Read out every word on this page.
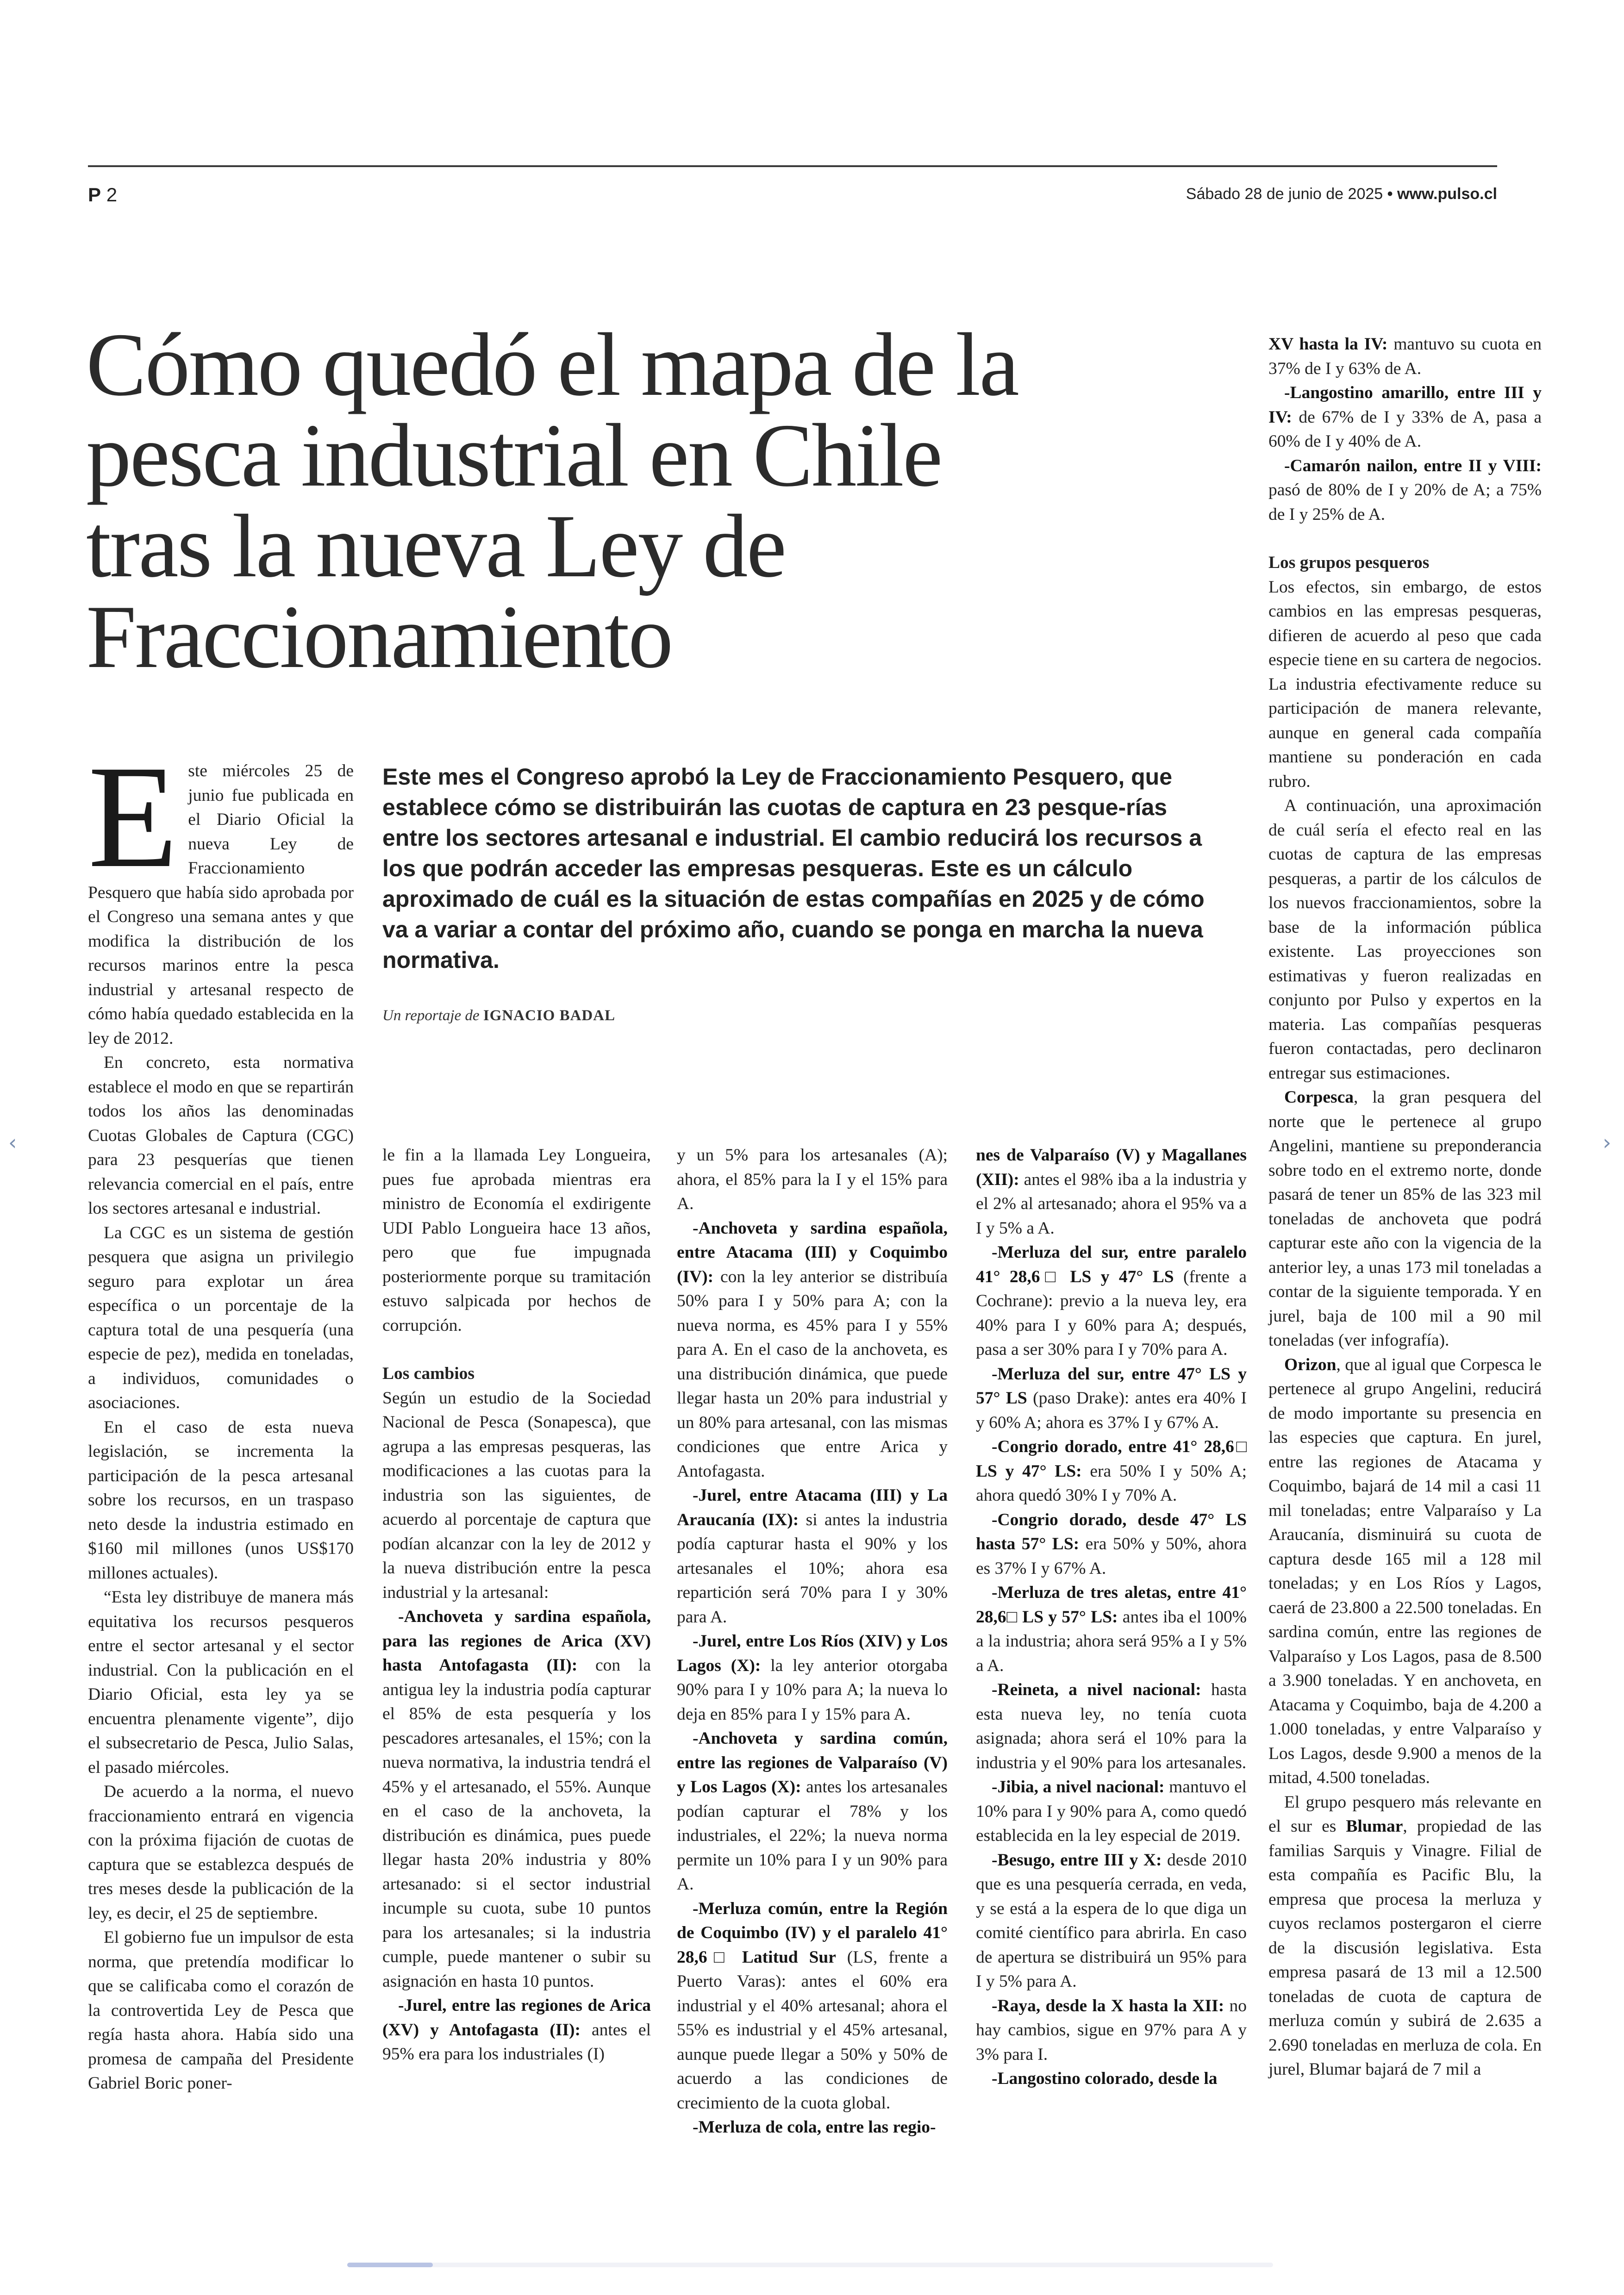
P 2	Sábado 28 de junio de 2025 • www.pulso.cl
Cómo quedó el mapa de la pesca industrial en Chile tras la nueva Ley de Fraccionamiento

Este mes el Congreso aprobó la Ley de Fraccionamiento Pesquero, que establece cómo se distribuirán las cuotas de captura en 23 pesque-rías entre los sectores artesanal e industrial. El cambio reducirá los recursos a los que podrán acceder las empresas pesqueras. Este es un cálculo aproximado de cuál es la situación de estas compañías en 2025 y de cómo va a variar a contar del próximo año, cuando se ponga en marcha la nueva normativa.

Un reportaje de IGNACIO BADAL

Este miércoles 25 de junio fue publicada en el Diario Oficial la nueva Ley de Fraccionamiento Pesquero que había sido aprobada por el Congreso una semana antes y que modifica la distribución de los recursos marinos entre la pesca industrial y artesanal respecto de cómo había quedado establecida en la ley de 2012.

En concreto, esta normativa establece el modo en que se repartirán todos los años las denominadas Cuotas Globales de Captura (CGC) para 23 pesquerías que tienen relevancia comercial en el país, entre los sectores artesanal e industrial.

La CGC es un sistema de gestión pesquera que asigna un privilegio seguro para explotar un área específica o un porcentaje de la captura total de una pesquería (una especie de pez), medida en toneladas, a individuos, comunidades o asociaciones.

En el caso de esta nueva legislación, se incrementa la participación de la pesca artesanal sobre los recursos, en un traspaso neto desde la industria estimado en $160 mil millones (unos US$170 millones actuales).

“Esta ley distribuye de manera más equitativa los recursos pesqueros entre el sector artesanal y el sector industrial. Con la publicación en el Diario Oficial, esta ley ya se encuentra plenamente vigente”, dijo el subsecretario de Pesca, Julio Salas, el pasado miércoles.

De acuerdo a la norma, el nuevo fraccionamiento entrará en vigencia con la próxima fijación de cuotas de captura que se establezca después de tres meses desde la publicación de la ley, es decir, el 25 de septiembre.

El gobierno fue un impulsor de esta norma, que pretendía modificar lo que se calificaba como el corazón de la controvertida Ley de Pesca que regía hasta ahora. Había sido una promesa de campaña del Presidente Gabriel Boric poner-

le fin a la llamada Ley Longueira, pues fue aprobada mientras era ministro de Economía el exdirigente UDI Pablo Longueira hace 13 años, pero que fue impugnada posteriormente porque su tramitación estuvo salpicada por hechos de corrupción.

Los cambios

Según un estudio de la Sociedad Nacional de Pesca (Sonapesca), que agrupa a las empresas pesqueras, las modificaciones a las cuotas para la industria son las siguientes, de acuerdo al porcentaje de captura que podían alcanzar con la ley de 2012 y la nueva distribución entre la pesca industrial y la artesanal:

-Anchoveta y sardina española, para las regiones de Arica (XV) hasta Antofagasta (II): con la antigua ley la industria podía capturar el 85% de esta pesquería y los pescadores artesanales, el 15%; con la nueva normativa, la industria tendrá el 45% y el artesanado, el 55%. Aunque en el caso de la anchoveta, la distribución es dinámica, pues puede llegar hasta 20% industria y 80% artesanado: si el sector industrial incumple su cuota, sube 10 puntos para los artesanales; si la industria cumple, puede mantener o subir su asignación en hasta 10 puntos.

-Jurel, entre las regiones de Arica (XV) y Antofagasta (II): antes el 95% era para los industriales (I)

y un 5% para los artesanales (A); ahora, el 85% para la I y el 15% para A.

-Anchoveta y sardina española, entre Atacama (III) y Coquimbo (IV): con la ley anterior se distribuía 50% para I y 50% para A; con la nueva norma, es 45% para I y 55% para A. En el caso de la anchoveta, es una distribución dinámica, que puede llegar hasta un 20% para industrial y un 80% para artesanal, con las mismas condiciones que entre Arica y Antofagasta.

-Jurel, entre Atacama (III) y La Araucanía (IX): si antes la industria podía capturar hasta el 90% y los artesanales el 10%; ahora esa repartición será 70% para I y 30% para A.

-Jurel, entre Los Ríos (XIV) y Los Lagos (X): la ley anterior otorgaba 90% para I y 10% para A; la nueva lo deja en 85% para I y 15% para A.

-Anchoveta y sardina común, entre las regiones de Valparaíso (V) y Los Lagos (X): antes los artesanales podían capturar el 78% y los industriales, el 22%; la nueva norma permite un 10% para I y un 90% para A.

-Merluza común, entre la Región de Coquimbo (IV) y el paralelo 41° 28,6□ Latitud Sur (LS, frente a Puerto Varas): antes el 60% era industrial y el 40% artesanal; ahora el 55% es industrial y el 45% artesanal, aunque puede llegar a 50% y 50% de acuerdo a las condiciones de crecimiento de la cuota global.

-Merluza de cola, entre las regio-

nes de Valparaíso (V) y Magallanes (XII): antes el 98% iba a la industria y el 2% al artesanado; ahora el 95% va a I y 5% a A.

-Merluza del sur, entre paralelo 41° 28,6□ LS y 47° LS (frente a Cochrane): previo a la nueva ley, era 40% para I y 60% para A; después, pasa a ser 30% para I y 70% para A.

-Merluza del sur, entre 47° LS y 57° LS (paso Drake): antes era 40% I y 60% A; ahora es 37% I y 67% A.

-Congrio dorado, entre 41° 28,6□ LS y 47° LS: era 50% I y 50% A; ahora quedó 30% I y 70% A.

-Congrio dorado, desde 47° LS hasta 57° LS: era 50% y 50%, ahora es 37% I y 67% A.

-Merluza de tres aletas, entre 41° 28,6□ LS y 57° LS: antes iba el 100% a la industria; ahora será 95% a I y 5% a A.

-Reineta, a nivel nacional: hasta esta nueva ley, no tenía cuota asignada; ahora será el 10% para la industria y el 90% para los artesanales.

-Jibia, a nivel nacional: mantuvo el 10% para I y 90% para A, como quedó establecida en la ley especial de 2019.

-Besugo, entre III y X: desde 2010 que es una pesquería cerrada, en veda, y se está a la espera de lo que diga un comité científico para abrirla. En caso de apertura se distribuirá un 95% para I y 5% para A.

-Raya, desde la X hasta la XII: no hay cambios, sigue en 97% para A y 3% para I.

-Langostino colorado, desde la

XV hasta la IV: mantuvo su cuota en 37% de I y 63% de A.

-Langostino amarillo, entre III y IV: de 67% de I y 33% de A, pasa a 60% de I y 40% de A.

-Camarón nailon, entre II y VIII: pasó de 80% de I y 20% de A; a 75% de I y 25% de A.

Los grupos pesqueros

Los efectos, sin embargo, de estos cambios en las empresas pesqueras, difieren de acuerdo al peso que cada especie tiene en su cartera de negocios. La industria efectivamente reduce su participación de manera relevante, aunque en general cada compañía mantiene su ponderación en cada rubro.

A continuación, una aproximación de cuál sería el efecto real en las cuotas de captura de las empresas pesqueras, a partir de los cálculos de los nuevos fraccionamientos, sobre la base de la información pública existente. Las proyecciones son estimativas y fueron realizadas en conjunto por Pulso y expertos en la materia. Las compañías pesqueras fueron contactadas, pero declinaron entregar sus estimaciones.

Corpesca, la gran pesquera del norte que le pertenece al grupo Angelini, mantiene su preponderancia sobre todo en el extremo norte, donde pasará de tener un 85% de las 323 mil toneladas de anchoveta que podrá capturar este año con la vigencia de la anterior ley, a unas 173 mil toneladas a contar de la siguiente temporada. Y en jurel, baja de 100 mil a 90 mil toneladas (ver infografía).

Orizon, que al igual que Corpesca le pertenece al grupo Angelini, reducirá de modo importante su presencia en las especies que captura. En jurel, entre las regiones de Atacama y Coquimbo, bajará de 14 mil a casi 11 mil toneladas; entre Valparaíso y La Araucanía, disminuirá su cuota de captura desde 165 mil a 128 mil toneladas; y en Los Ríos y Lagos, caerá de 23.800 a 22.500 toneladas. En sardina común, entre las regiones de Valparaíso y Los Lagos, pasa de 8.500 a 3.900 toneladas. Y en anchoveta, en Atacama y Coquimbo, baja de 4.200 a 1.000 toneladas, y entre Valparaíso y Los Lagos, desde 9.900 a menos de la mitad, 4.500 toneladas.

El grupo pesquero más relevante en el sur es Blumar, propiedad de las familias Sarquis y Vinagre. Filial de esta compañía es Pacific Blu, la empresa que procesa la merluza y cuyos reclamos postergaron el cierre de la discusión legislativa. Esta empresa pasará de 13 mil a 12.500 toneladas de cuota de captura de merluza común y subirá de 2.635 a 2.690 toneladas en merluza de cola. En jurel, Blumar bajará de 7 mil a

‹	›
